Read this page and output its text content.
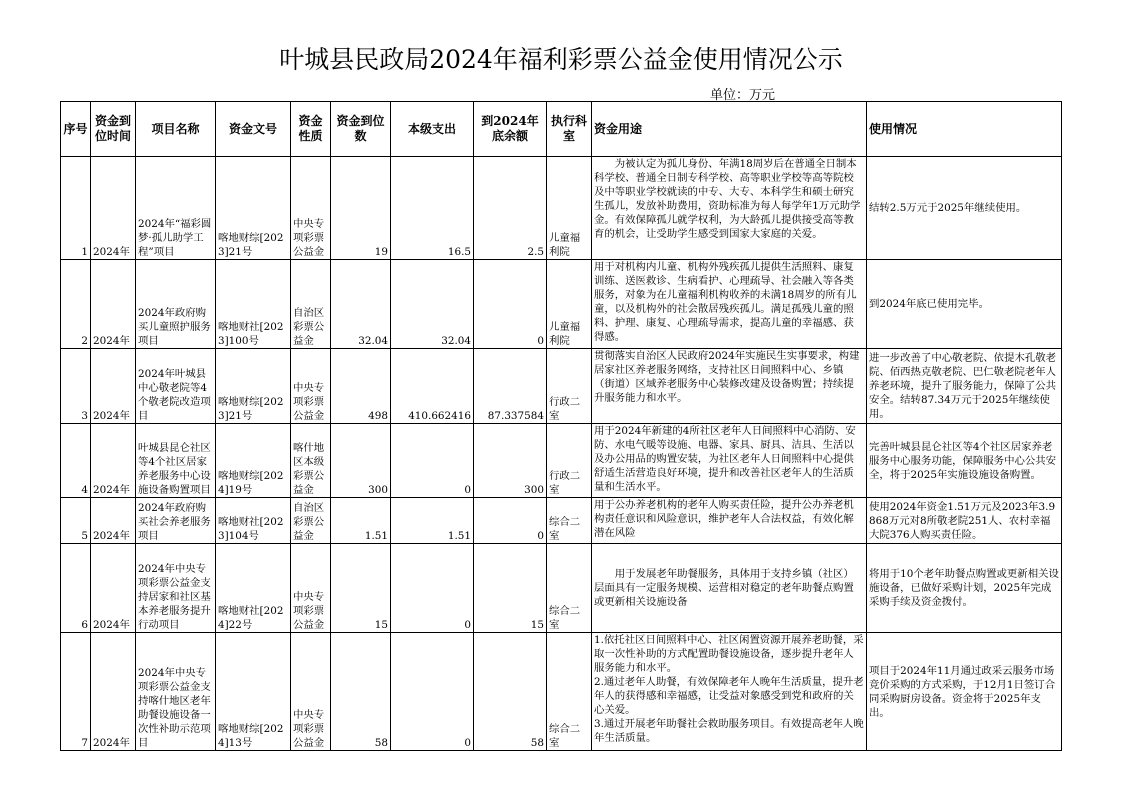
叶城县民政局2024年福利彩票公益金使用情况公示
单位：万元
序号	资金到位时间	项目名称	资金文号	资金性质	资金到位数	本级支出	到2024年底余额	执行科室	资金用途	使用情况
1	2024年	2024年“福彩圆梦·孤儿助学工程”项目	喀地财综[2023]21号	中央专项彩票公益金	19	16.5	2.5	儿童福利院	为被认定为孤儿身份、年满18周岁后在普通全日制本科学校、普通全日制专科学校、高等职业学校等高等院校及中等职业学校就读的中专、大专、本科学生和硕士研究生孤儿，发放补助费用，资助标准为每人每学年1万元助学金。有效保障孤儿就学权利，为大龄孤儿提供接受高等教育的机会，让受助学生感受到国家大家庭的关爱。	结转2.5万元于2025年继续使用。
2	2024年	2024年政府购买儿童照护服务项目	喀地财社[2023]100号	自治区彩票公益金	32.04	32.04	0	儿童福利院	用于对机构内儿童、机构外残疾孤儿提供生活照料、康复训练、送医救诊、生病看护、心理疏导、社会融入等各类服务，对象为在儿童福利机构收养的未满18周岁的所有儿童，以及机构外的社会散居残疾孤儿。满足孤残儿童的照料、护理、康复、心理疏导需求，提高儿童的幸福感、获得感。	到2024年底已使用完毕。
3	2024年	2024年叶城县中心敬老院等4个敬老院改造项目	喀地财综[2023]21号	中央专项彩票公益金	498	410.662416	87.337584	行政二室	贯彻落实自治区人民政府2024年实施民生实事要求，构建居家社区养老服务网络，支持社区日间照料中心、乡镇（街道）区域养老服务中心装修改建及设备购置；持续提升服务能力和水平。	进一步改善了中心敬老院、依提木孔敬老院、佰西热克敬老院、巴仁敬老院老年人养老环境，提升了服务能力，保障了公共安全。结转87.34万元于2025年继续使用。
4	2024年	叶城县昆仑社区等4个社区居家养老服务中心设施设备购置项目	喀地财综[2024]19号	喀什地区本级彩票公益金	300	0	300	行政二室	用于2024年新建的4所社区老年人日间照料中心消防、安防、水电气暖等设施、电器、家具、厨具、洁具、生活以及办公用品的购置安装，为社区老年人日间照料中心提供舒适生活营造良好环境，提升和改善社区老年人的生活质量和生活水平。	完善叶城县昆仑社区等4个社区居家养老服务中心服务功能，保障服务中心公共安全，将于2025年实施设施设备购置。
5	2024年	2024年政府购买社会养老服务项目	喀地财社[2023]104号	自治区彩票公益金	1.51	1.51	0	综合二室	用于公办养老机构的老年人购买责任险，提升公办养老机构责任意识和风险意识，维护老年人合法权益，有效化解潜在风险	使用2024年资金1.51万元及2023年3.9868万元对8所敬老院251人、农村幸福大院376人购买责任险。
6	2024年	2024年中央专项彩票公益金支持居家和社区基本养老服务提升行动项目	喀地财社[2024]22号	中央专项彩票公益金	15	0	15	综合二室	用于发展老年助餐服务，具体用于支持乡镇（社区）层面具有一定服务规模、运营相对稳定的老年助餐点购置或更新相关设施设备	将用于10个老年助餐点购置或更新相关设施设备，已做好采购计划，2025年完成采购手续及资金拨付。
7	2024年	2024年中央专项彩票公益金支持喀什地区老年助餐设施设备一次性补助示范项目	喀地财综[2024]13号	中央专项彩票公益金	58	0	58	综合二室	1.依托社区日间照料中心、社区闲置资源开展养老助餐，采取一次性补助的方式配置助餐设施设备，逐步提升老年人服务能力和水平。
2.通过老年人助餐，有效保障老年人晚年生活质量，提升老年人的获得感和幸福感，让受益对象感受到党和政府的关心关爱。
3.通过开展老年助餐社会救助服务项目。有效提高老年人晚年生活质量。	项目于2024年11月通过政采云服务市场竞价采购的方式采购，于12月1日签订合同采购厨房设备。资金将于2025年支出。
